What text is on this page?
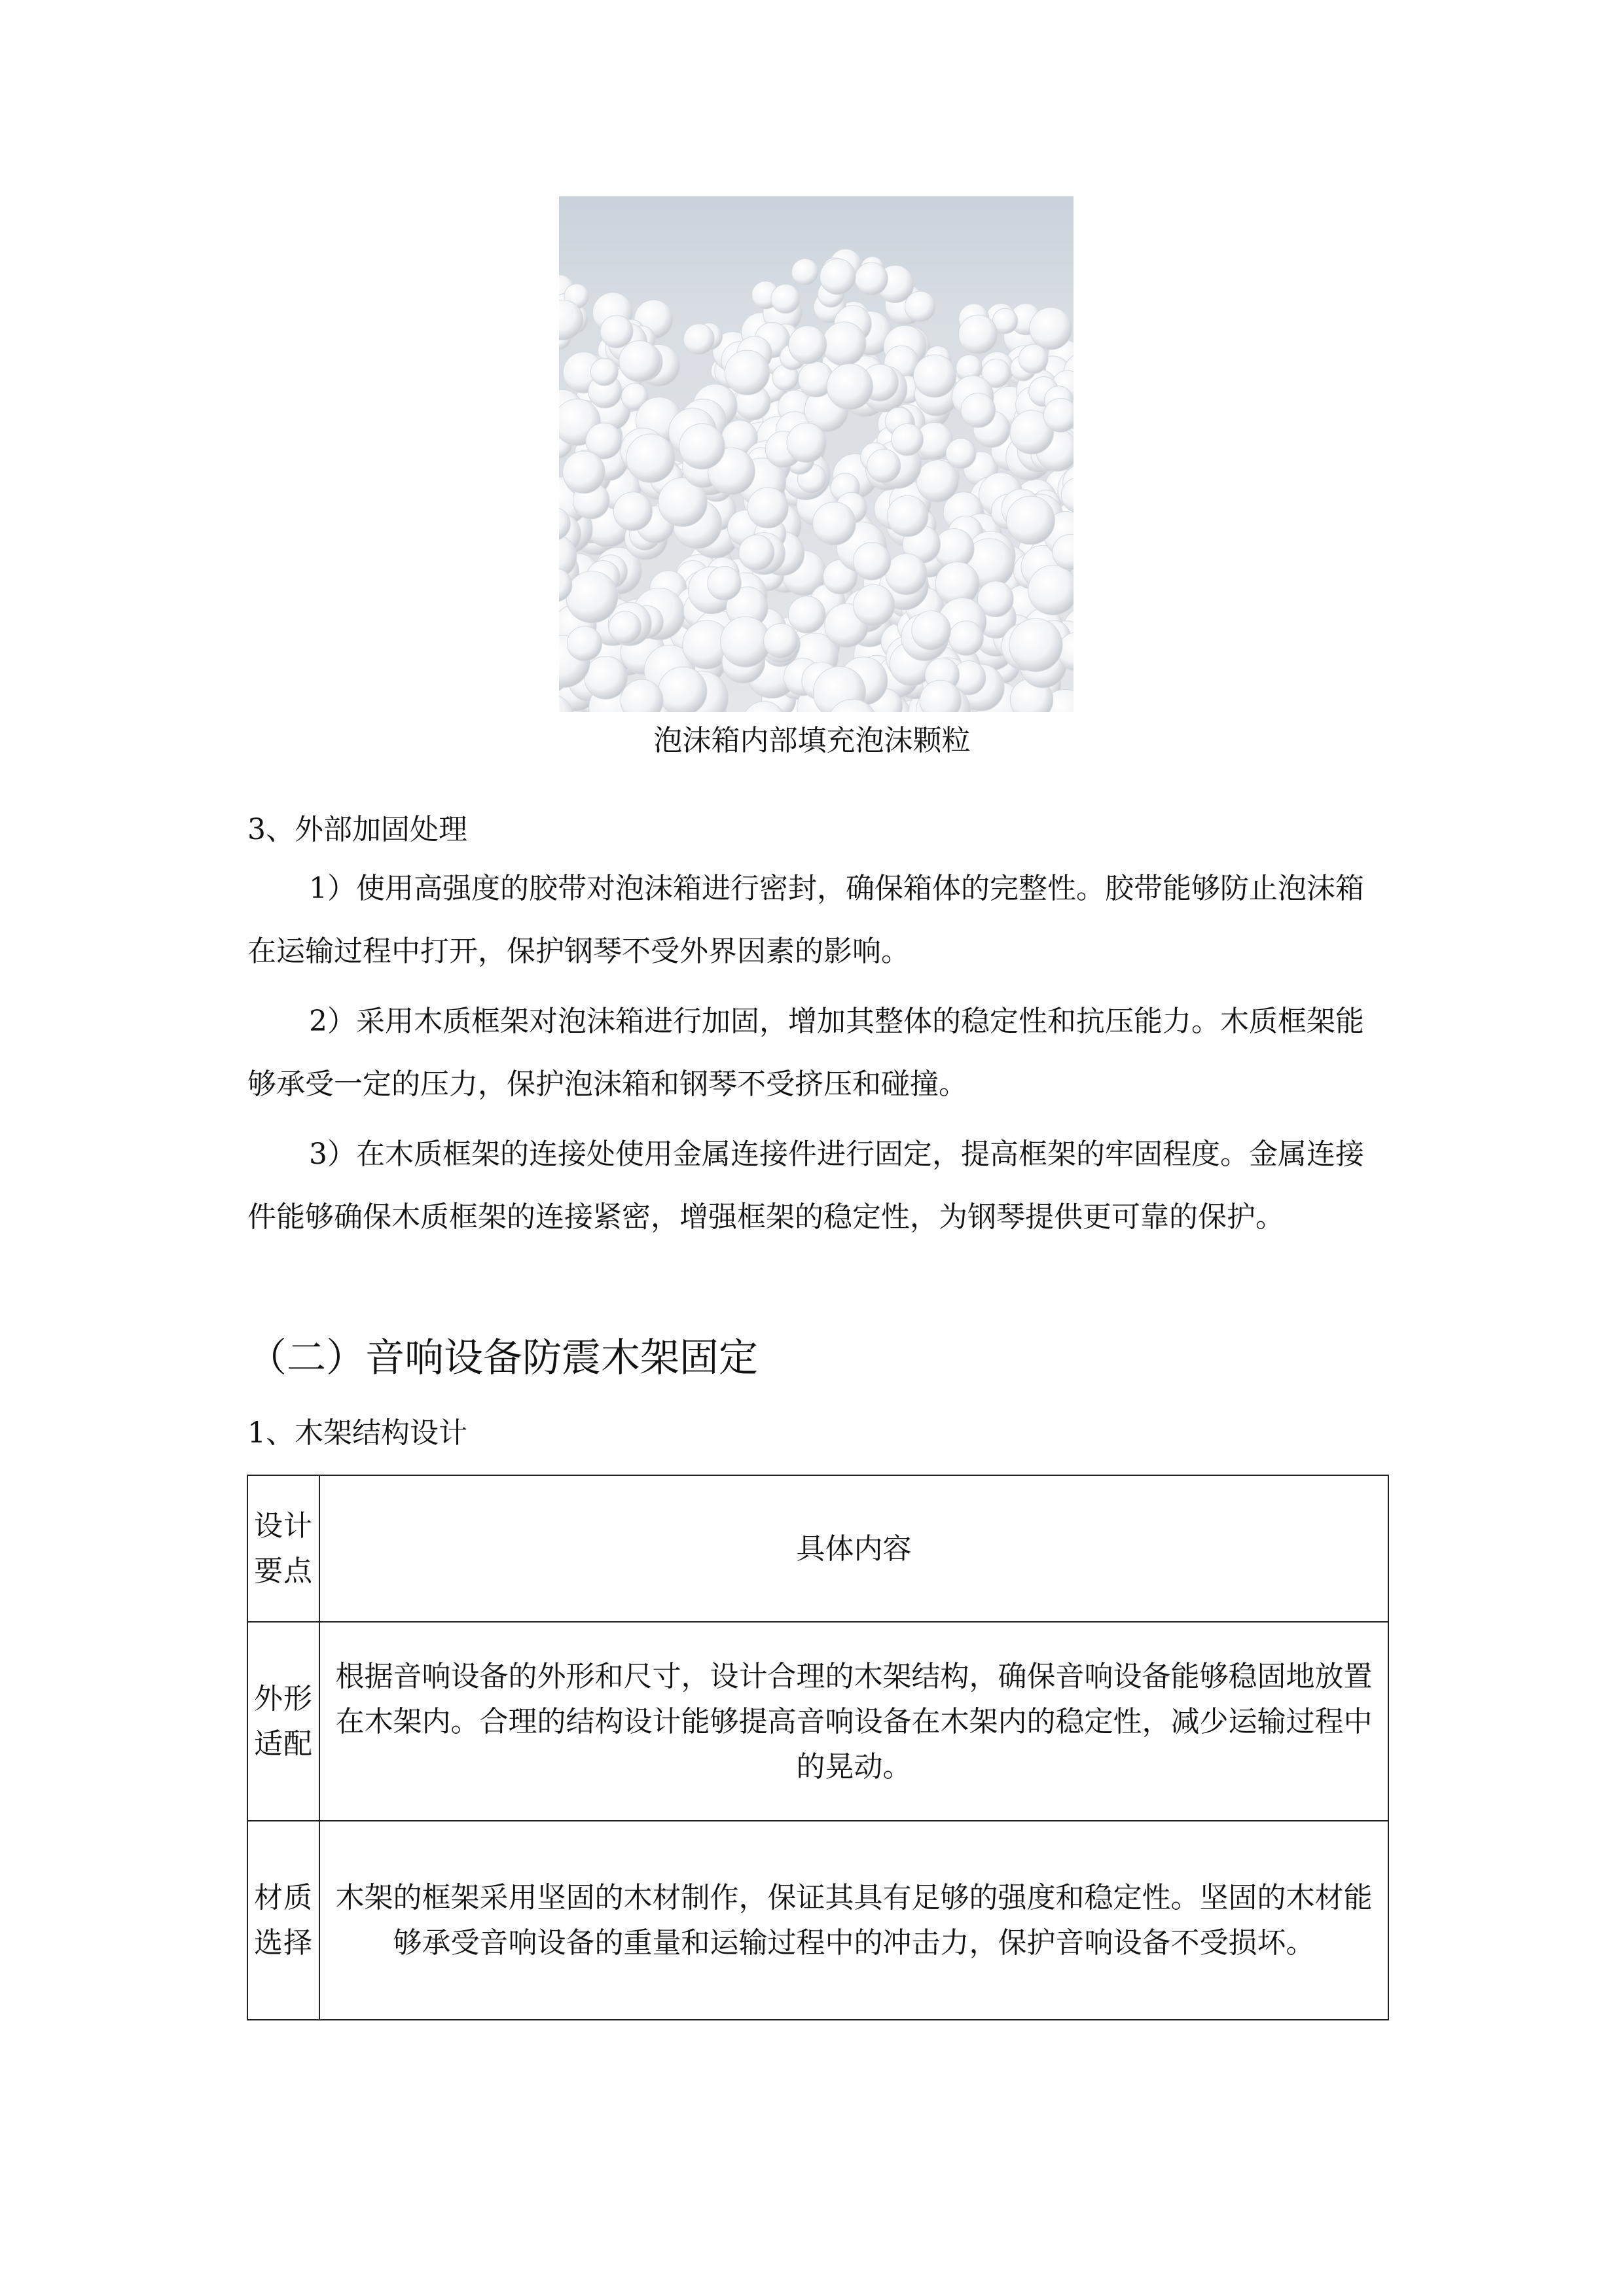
泡沫箱内部填充泡沫颗粒
3、外部加固处理
1）使用高强度的胶带对泡沫箱进行密封，确保箱体的完整性。胶带能够防止泡沫箱在运输过程中打开，保护钢琴不受外界因素的影响。
2）采用木质框架对泡沫箱进行加固，增加其整体的稳定性和抗压能力。木质框架能够承受一定的压力，保护泡沫箱和钢琴不受挤压和碰撞。
3）在木质框架的连接处使用金属连接件进行固定，提高框架的牢固程度。金属连接件能够确保木质框架的连接紧密，增强框架的稳定性，为钢琴提供更可靠的保护。
（二）音响设备防震木架固定
1、木架结构设计
设计要点	具体内容
外形适配	根据音响设备的外形和尺寸，设计合理的木架结构，确保音响设备能够稳固地放置在木架内。合理的结构设计能够提高音响设备在木架内的稳定性，减少运输过程中的晃动。
材质选择	木架的框架采用坚固的木材制作，保证其具有足够的强度和稳定性。坚固的木材能够承受音响设备的重量和运输过程中的冲击力，保护音响设备不受损坏。
